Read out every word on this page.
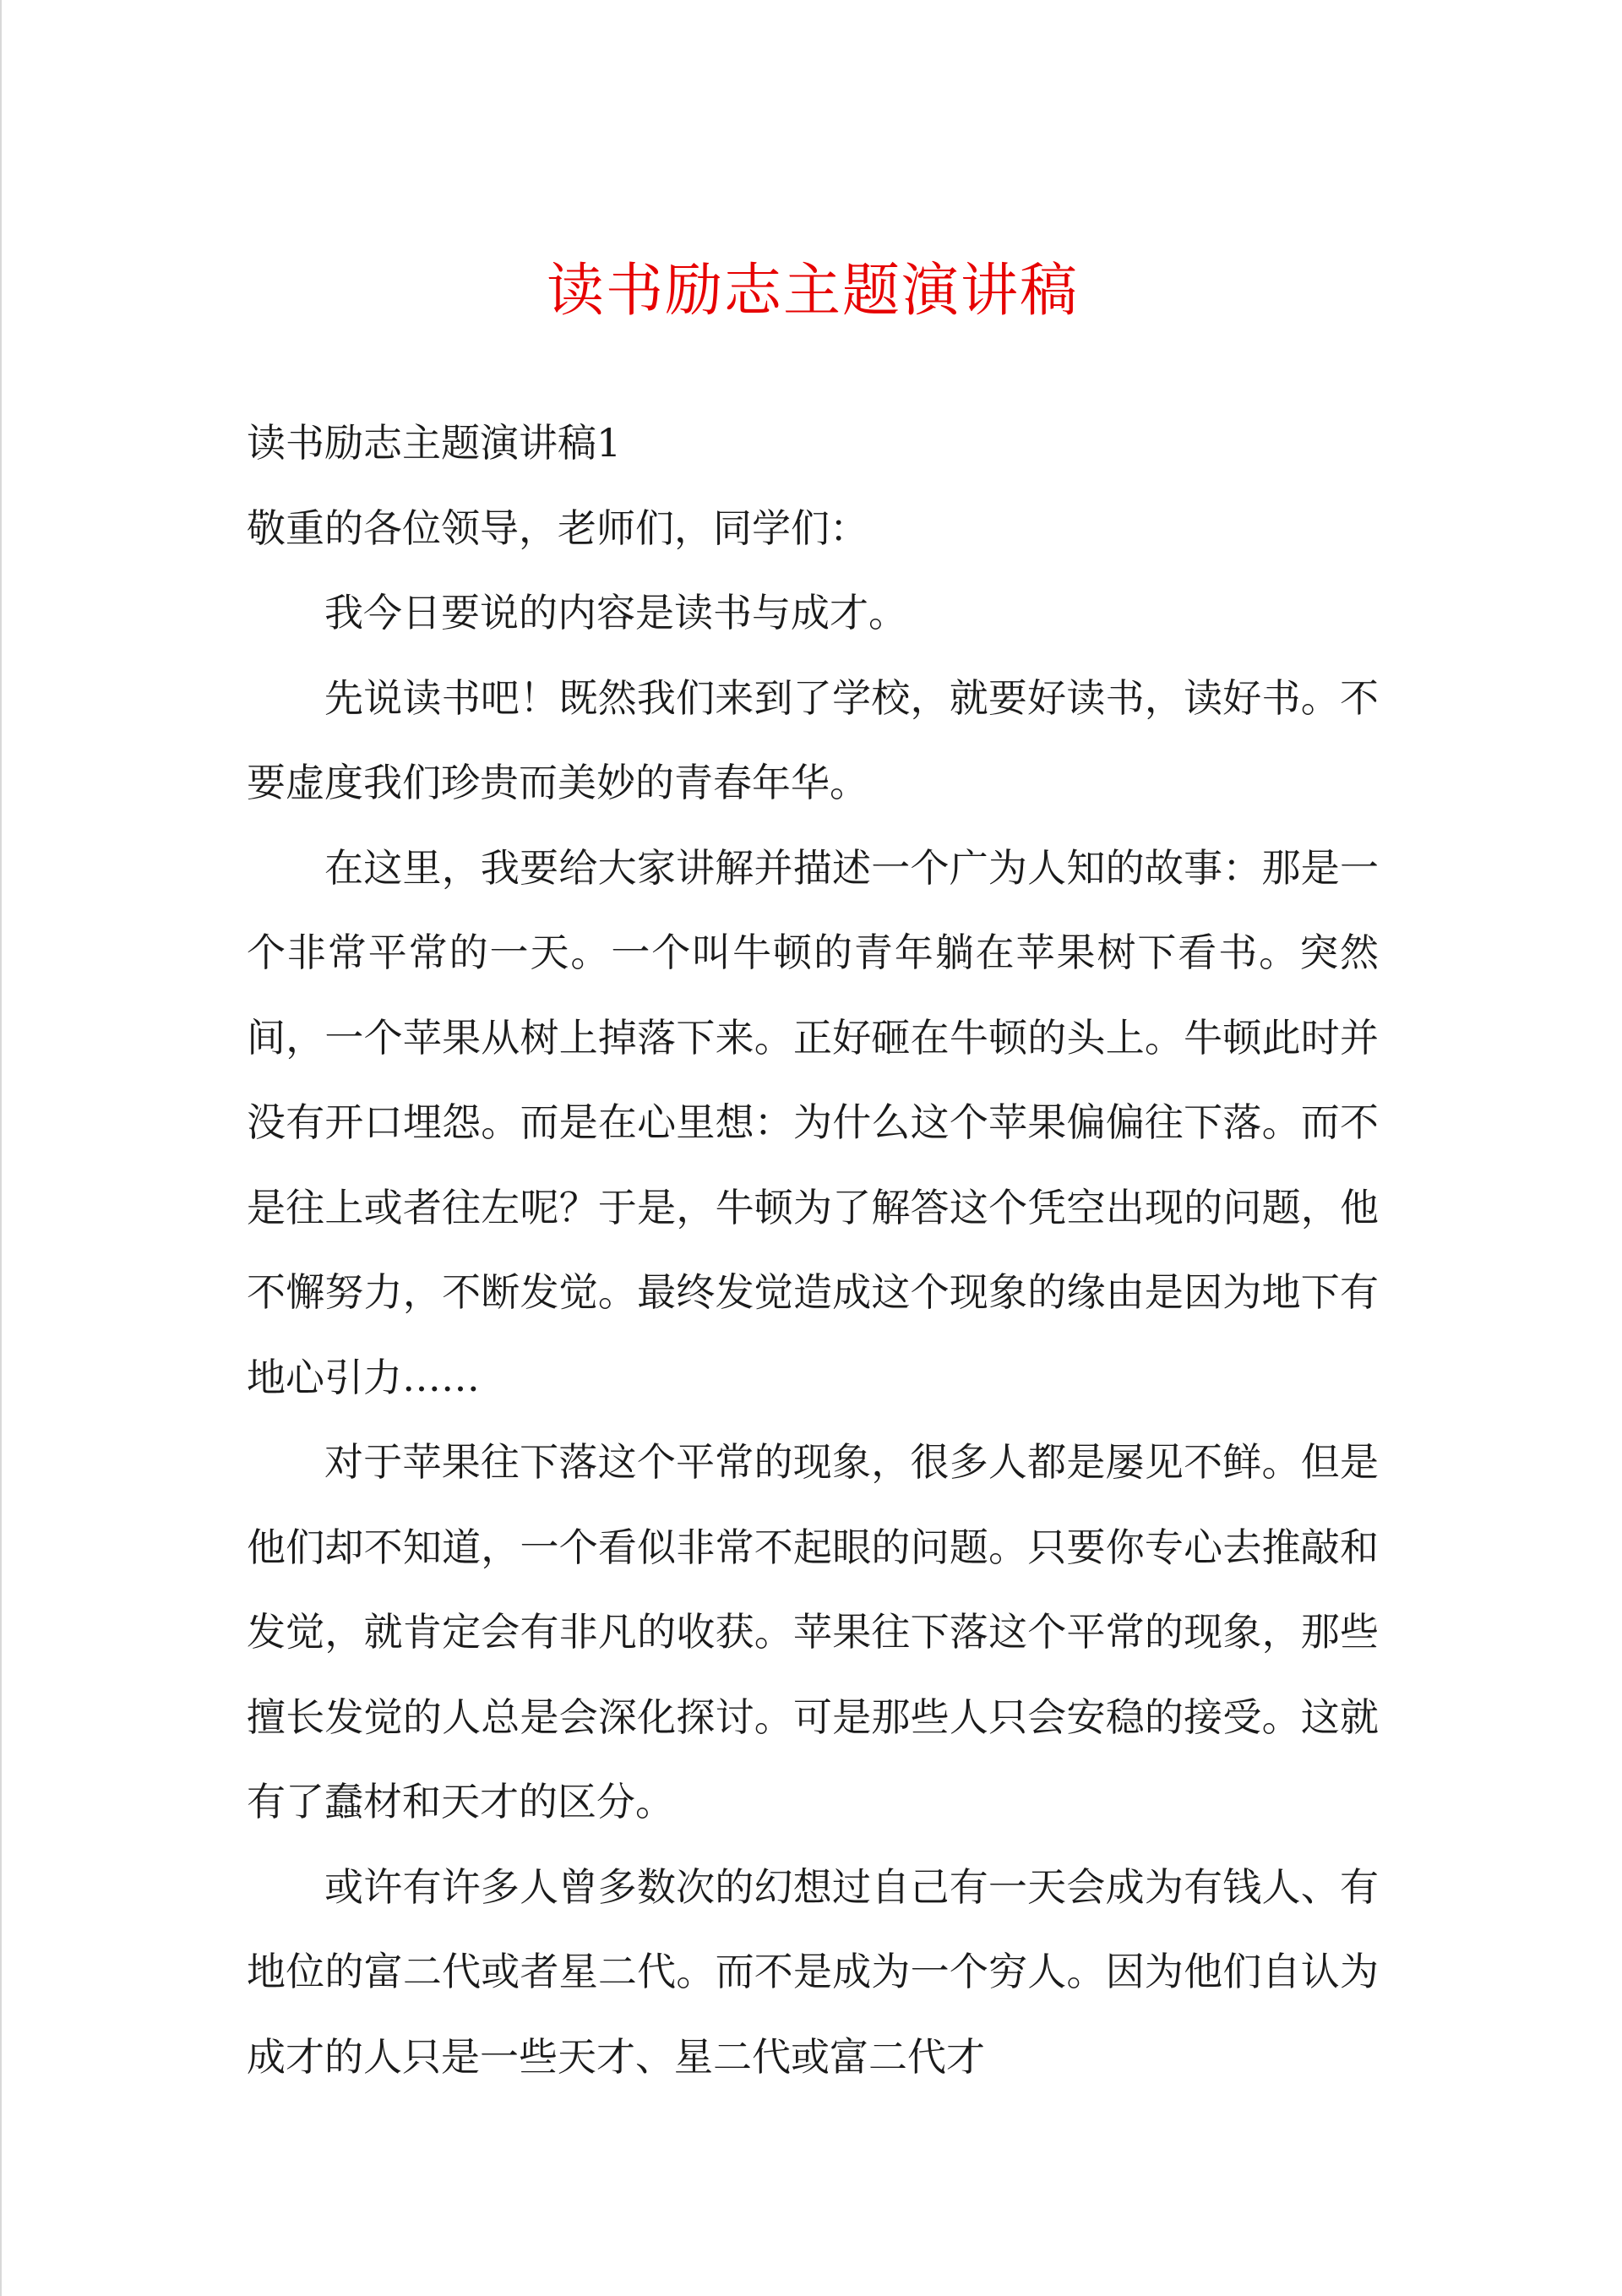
读书励志主题演讲稿

读书励志主题演讲稿1

敬重的各位领导，老师们，同学们：

我今日要说的内容是读书与成才。

先说读书吧！既然我们来到了学校，就要好读书，读好书。不要虚度我们珍贵而美妙的青春年华。

在这里，我要给大家讲解并描述一个广为人知的故事：那是一个非常平常的一天。一个叫牛顿的青年躺在苹果树下看书。突然间，一个苹果从树上掉落下来。正好砸在牛顿的头上。牛顿此时并没有开口埋怨。而是在心里想：为什么这个苹果偏偏往下落。而不是往上或者往左呢？于是，牛顿为了解答这个凭空出现的问题，他不懈努力，不断发觉。最终发觉造成这个现象的缘由是因为地下有地心引力……

对于苹果往下落这个平常的现象，很多人都是屡见不鲜。但是他们却不知道，一个看似非常不起眼的问题。只要你专心去推敲和发觉，就肯定会有非凡的收获。苹果往下落这个平常的现象，那些擅长发觉的人总是会深化探讨。可是那些人只会安稳的接受。这就有了蠢材和天才的区分。

或许有许多人曾多数次的幻想过自己有一天会成为有钱人、有地位的富二代或者星二代。而不是成为一个穷人。因为他们自认为成才的人只是一些天才、星二代或富二代才
